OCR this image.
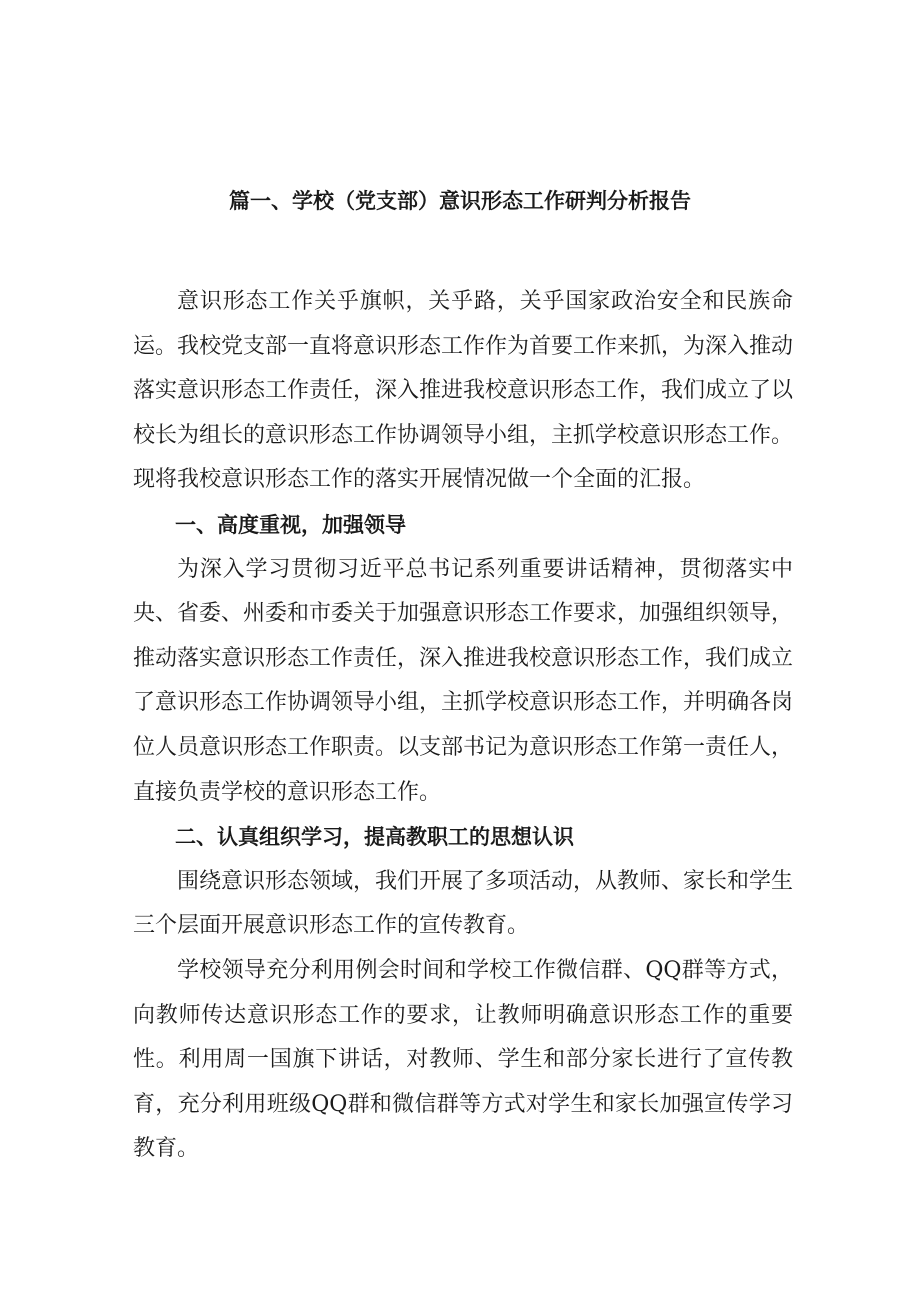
篇一、学校（党支部）意识形态工作研判分析报告

意识形态工作关乎旗帜，关乎路，关乎国家政治安全和民族命运。我校党支部一直将意识形态工作作为首要工作来抓，为深入推动落实意识形态工作责任，深入推进我校意识形态工作，我们成立了以校长为组长的意识形态工作协调领导小组，主抓学校意识形态工作。现将我校意识形态工作的落实开展情况做一个全面的汇报。

一、高度重视，加强领导

为深入学习贯彻习近平总书记系列重要讲话精神，贯彻落实中央、省委、州委和市委关于加强意识形态工作要求，加强组织领导，推动落实意识形态工作责任，深入推进我校意识形态工作，我们成立了意识形态工作协调领导小组，主抓学校意识形态工作，并明确各岗位人员意识形态工作职责。以支部书记为意识形态工作第一责任人，直接负责学校的意识形态工作。

二、认真组织学习，提高教职工的思想认识

围绕意识形态领域，我们开展了多项活动，从教师、家长和学生三个层面开展意识形态工作的宣传教育。

学校领导充分利用例会时间和学校工作微信群、QQ群等方式，向教师传达意识形态工作的要求，让教师明确意识形态工作的重要性。利用周一国旗下讲话，对教师、学生和部分家长进行了宣传教育，充分利用班级QQ群和微信群等方式对学生和家长加强宣传学习教育。
